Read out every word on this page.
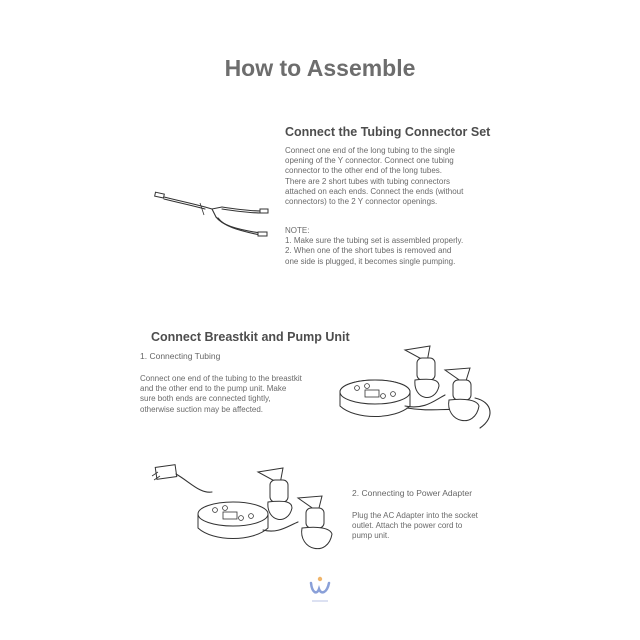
How to Assemble
Connect the Tubing Connector Set
Connect one end of the long tubing to the single
opening of the Y connector. Connect one tubing
connector to the other end of the long tubes.
There are 2 short tubes with tubing connectors
attached on each ends. Connect the ends (without
connectors) to the 2 Y connector openings.
NOTE:
1. Make sure the tubing set is assembled properly.
2. When one of the short tubes is removed and
one side is plugged, it becomes single pumping.
Connect Breastkit and Pump Unit
1. Connecting Tubing
Connect one end of the tubing to the breastkit
and the other end to the pump unit. Make
sure both ends are connected tightly,
otherwise suction may be affected.
2. Connecting to Power Adapter
Plug the AC Adapter into the socket
outlet. Attach the power cord to
pump unit.
